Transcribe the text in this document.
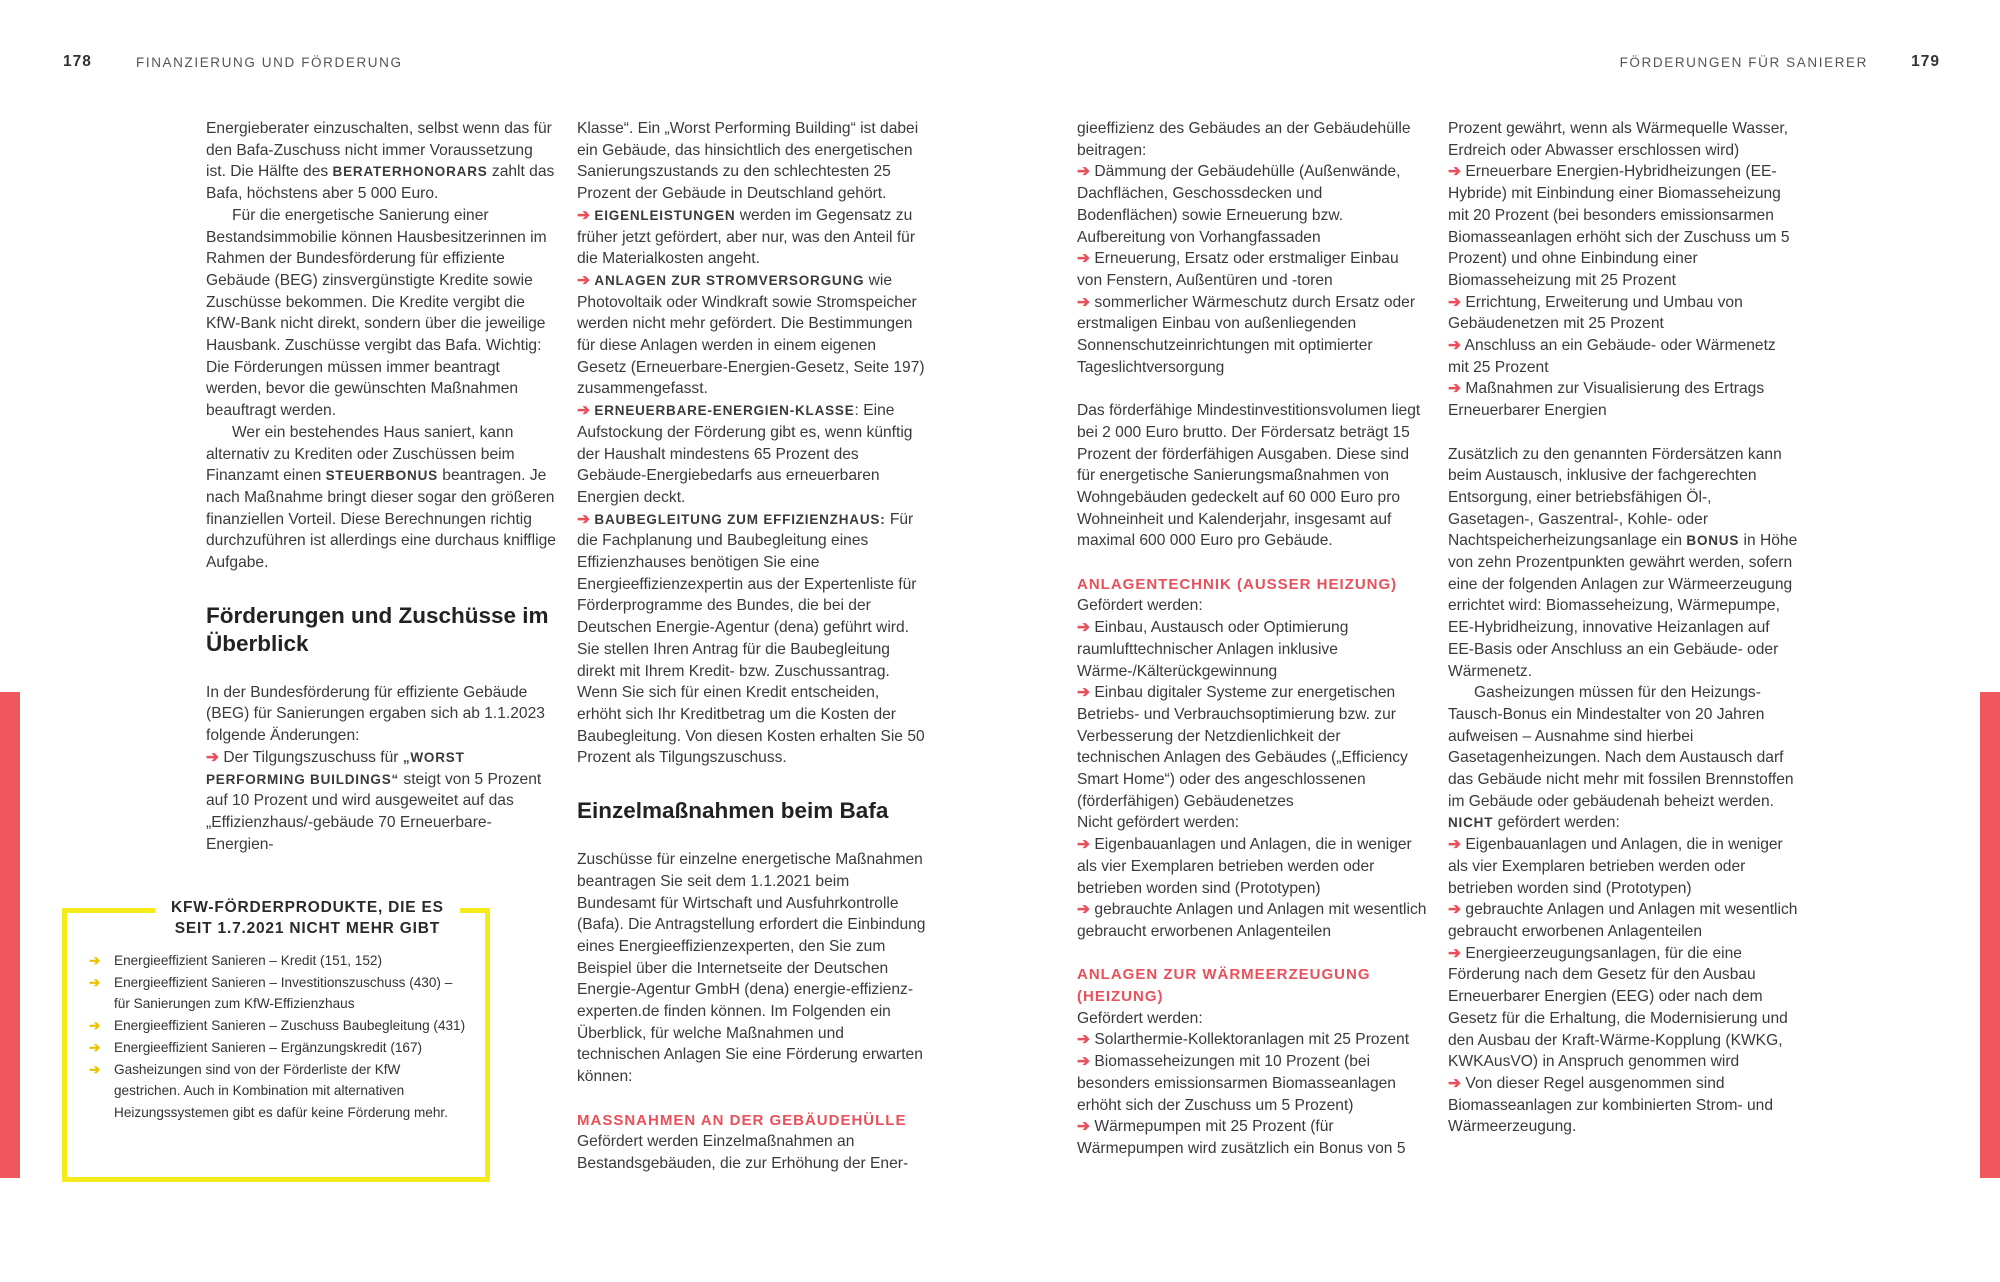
178	FINANZIERUNG UND FÖRDERUNG	FÖRDERUNGEN FÜR SANIERER	179

Energieberater einzuschalten, selbst wenn das für den Bafa-Zuschuss nicht immer Voraussetzung ist. Die Hälfte des BERATERHONORARS zahlt das Bafa, höchstens aber 5 000 Euro.

Für die energetische Sanierung einer Bestandsimmobilie können Hausbesitzerinnen im Rahmen der Bundesförderung für effiziente Gebäude (BEG) zinsvergünstigte Kredite sowie Zuschüsse bekommen. Die Kredite vergibt die KfW-Bank nicht direkt, sondern über die jeweilige Hausbank. Zuschüsse vergibt das Bafa. Wichtig: Die Förderungen müssen immer beantragt werden, bevor die gewünschten Maßnahmen beauftragt werden.

Wer ein bestehendes Haus saniert, kann alternativ zu Krediten oder Zuschüssen beim Finanzamt einen STEUERBONUS beantragen. Je nach Maßnahme bringt dieser sogar den größeren finanziellen Vorteil. Diese Berechnungen richtig durchzuführen ist allerdings eine durchaus knifflige Aufgabe.

Förderungen und Zuschüsse im Überblick

In der Bundesförderung für effiziente Gebäude (BEG) für Sanierungen ergaben sich ab 1.1.2023 folgende Änderungen:

➔ Der Tilgungszuschuss für „WORST PERFORMING BUILDINGS“ steigt von 5 Prozent auf 10 Prozent und wird ausgeweitet auf das „Effizienzhaus/-gebäude 70 Erneuerbare-Energien-

KFW-FÖRDERPRODUKTE, DIE ES
SEIT 1.7.2021 NICHT MEHR GIBT
➔ Energieeffizient Sanieren – Kredit (151, 152)
➔ Energieeffizient Sanieren – Investitionszuschuss (430) – für Sanierungen zum KfW-Effizienzhaus
➔ Energieeffizient Sanieren – Zuschuss Baubegleitung (431)
➔ Energieeffizient Sanieren – Ergänzungskredit (167)
➔ Gasheizungen sind von der Förderliste der KfW gestrichen. Auch in Kombination mit alternativen Heizungssystemen gibt es dafür keine Förderung mehr.

Klasse“. Ein „Worst Performing Building“ ist dabei ein Gebäude, das hinsichtlich des energetischen Sanierungszustands zu den schlechtesten 25 Prozent der Gebäude in Deutschland gehört.

➔ EIGENLEISTUNGEN werden im Gegensatz zu früher jetzt gefördert, aber nur, was den Anteil für die Materialkosten angeht.

➔ ANLAGEN ZUR STROMVERSORGUNG wie Photovoltaik oder Windkraft sowie Stromspeicher werden nicht mehr gefördert. Die Bestimmungen für diese Anlagen werden in einem eigenen Gesetz (Erneuerbare-Energien-Gesetz, Seite 197) zusammengefasst.

➔ ERNEUERBARE-ENERGIEN-KLASSE: Eine Aufstockung der Förderung gibt es, wenn künftig der Haushalt mindestens 65 Prozent des Gebäude-Energiebedarfs aus erneuerbaren Energien deckt.

➔ BAUBEGLEITUNG ZUM EFFIZIENZHAUS: Für die Fachplanung und Baubegleitung eines Effizienzhauses benötigen Sie eine Energieeffizienzexpertin aus der Expertenliste für Förderprogramme des Bundes, die bei der Deutschen Energie-Agentur (dena) geführt wird. Sie stellen Ihren Antrag für die Baubegleitung direkt mit Ihrem Kredit- bzw. Zuschussantrag. Wenn Sie sich für einen Kredit entscheiden, erhöht sich Ihr Kreditbetrag um die Kosten der Baubegleitung. Von diesen Kosten erhalten Sie 50 Prozent als Tilgungszuschuss.

Einzelmaßnahmen beim Bafa

Zuschüsse für einzelne energetische Maßnahmen beantragen Sie seit dem 1.1.2021 beim Bundesamt für Wirtschaft und Ausfuhrkontrolle (Bafa). Die Antragstellung erfordert die Einbindung eines Energieeffizienzexperten, den Sie zum Beispiel über die Internetseite der Deutschen Energie-Agentur GmbH (dena) energie-effizienz-experten.de finden können. Im Folgenden ein Überblick, für welche Maßnahmen und technischen Anlagen Sie eine Förderung erwarten können:

MASSNAHMEN AN DER GEBÄUDEHÜLLE

Gefördert werden Einzelmaßnahmen an Bestandsgebäuden, die zur Erhöhung der Ener-

gieeffizienz des Gebäudes an der Gebäudehülle beitragen:

➔ Dämmung der Gebäudehülle (Außenwände, Dachflächen, Geschossdecken und Bodenflächen) sowie Erneuerung bzw. Aufbereitung von Vorhangfassaden

➔ Erneuerung, Ersatz oder erstmaliger Einbau von Fenstern, Außentüren und -toren

➔ sommerlicher Wärmeschutz durch Ersatz oder erstmaligen Einbau von außenliegenden Sonnenschutzeinrichtungen mit optimierter Tageslichtversorgung

Das förderfähige Mindestinvestitionsvolumen liegt bei 2 000 Euro brutto. Der Fördersatz beträgt 15 Prozent der förderfähigen Ausgaben. Diese sind für energetische Sanierungsmaßnahmen von Wohngebäuden gedeckelt auf 60 000 Euro pro Wohneinheit und Kalenderjahr, insgesamt auf maximal 600 000 Euro pro Gebäude.

ANLAGENTECHNIK (AUSSER HEIZUNG)

Gefördert werden:

➔ Einbau, Austausch oder Optimierung raumlufttechnischer Anlagen inklusive Wärme-/Kälterückgewinnung

➔ Einbau digitaler Systeme zur energetischen Betriebs- und Verbrauchsoptimierung bzw. zur Verbesserung der Netzdienlichkeit der technischen Anlagen des Gebäudes („Efficiency Smart Home“) oder des angeschlossenen (förderfähigen) Gebäudenetzes

Nicht gefördert werden:

➔ Eigenbauanlagen und Anlagen, die in weniger als vier Exemplaren betrieben werden oder betrieben worden sind (Prototypen)

➔ gebrauchte Anlagen und Anlagen mit wesentlich gebraucht erworbenen Anlagenteilen

ANLAGEN ZUR WÄRMEERZEUGUNG (HEIZUNG)

Gefördert werden:

➔ Solarthermie-Kollektoranlagen mit 25 Prozent

➔ Biomasseheizungen mit 10 Prozent (bei besonders emissionsarmen Biomasseanlagen erhöht sich der Zuschuss um 5 Prozent)

➔ Wärmepumpen mit 25 Prozent (für Wärmepumpen wird zusätzlich ein Bonus von 5

Prozent gewährt, wenn als Wärmequelle Wasser, Erdreich oder Abwasser erschlossen wird)

➔ Erneuerbare Energien-Hybridheizungen (EE-Hybride) mit Einbindung einer Biomasseheizung mit 20 Prozent (bei besonders emissionsarmen Biomasseanlagen erhöht sich der Zuschuss um 5 Prozent) und ohne Einbindung einer Biomasseheizung mit 25 Prozent

➔ Errichtung, Erweiterung und Umbau von Gebäudenetzen mit 25 Prozent

➔ Anschluss an ein Gebäude- oder Wärmenetz mit 25 Prozent

➔ Maßnahmen zur Visualisierung des Ertrags Erneuerbarer Energien

Zusätzlich zu den genannten Fördersätzen kann beim Austausch, inklusive der fachgerechten Entsorgung, einer betriebsfähigen Öl-, Gasetagen-, Gaszentral-, Kohle- oder Nachtspeicherheizungsanlage ein BONUS in Höhe von zehn Prozentpunkten gewährt werden, sofern eine der folgenden Anlagen zur Wärmeerzeugung errichtet wird: Biomasseheizung, Wärmepumpe, EE-Hybridheizung, innovative Heizanlagen auf EE-Basis oder Anschluss an ein Gebäude- oder Wärmenetz.

Gasheizungen müssen für den Heizungs-Tausch-Bonus ein Mindestalter von 20 Jahren aufweisen – Ausnahme sind hierbei Gasetagenheizungen. Nach dem Austausch darf das Gebäude nicht mehr mit fossilen Brennstoffen im Gebäude oder gebäudenah beheizt werden.

NICHT gefördert werden:

➔ Eigenbauanlagen und Anlagen, die in weniger als vier Exemplaren betrieben werden oder betrieben worden sind (Prototypen)

➔ gebrauchte Anlagen und Anlagen mit wesentlich gebraucht erworbenen Anlagenteilen

➔ Energieerzeugungsanlagen, für die eine Förderung nach dem Gesetz für den Ausbau Erneuerbarer Energien (EEG) oder nach dem Gesetz für die Erhaltung, die Modernisierung und den Ausbau der Kraft-Wärme-Kopplung (KWKG, KWKAusVO) in Anspruch genommen wird

➔ Von dieser Regel ausgenommen sind Biomasseanlagen zur kombinierten Strom- und Wärmeerzeugung.
